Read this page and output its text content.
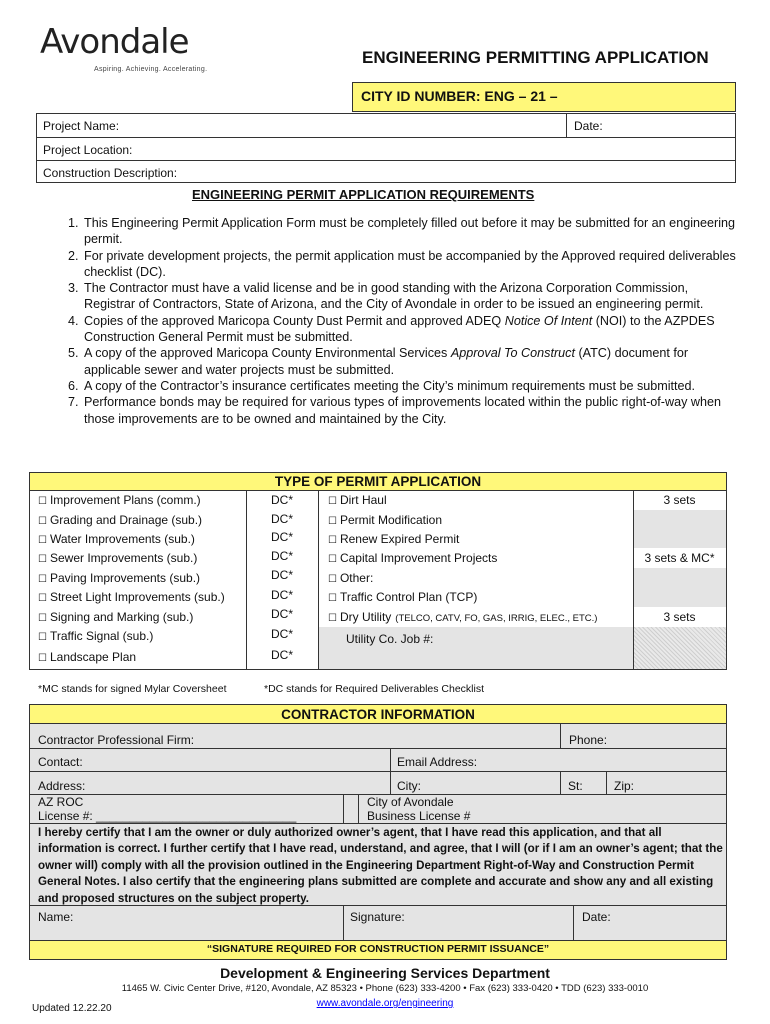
Avondale
Aspiring. Achieving. Accelerating.
ENGINEERING PERMITTING APPLICATION
CITY ID NUMBER: ENG – 21 –
Project Name:	Date:
Project Location:
Construction Description:
ENGINEERING PERMIT APPLICATION REQUIREMENTS
1. This Engineering Permit Application Form must be completely filled out before it may be submitted for an engineering permit.
2. For private development projects, the permit application must be accompanied by the Approved required deliverables checklist (DC).
3. The Contractor must have a valid license and be in good standing with the Arizona Corporation Commission, Registrar of Contractors, State of Arizona, and the City of Avondale in order to be issued an engineering permit.
4. Copies of the approved Maricopa County Dust Permit and approved ADEQ Notice Of Intent (NOI) to the AZPDES Construction General Permit must be submitted.
5. A copy of the approved Maricopa County Environmental Services Approval To Construct (ATC) document for applicable sewer and water projects must be submitted.
6. A copy of the Contractor’s insurance certificates meeting the City’s minimum requirements must be submitted.
7. Performance bonds may be required for various types of improvements located within the public right-of-way when those improvements are to be owned and maintained by the City.
TYPE OF PERMIT APPLICATION
☐ Improvement Plans (comm.)	DC*
☐ Grading and Drainage (sub.)	DC*
☐ Water Improvements (sub.)	DC*
☐ Sewer Improvements (sub.)	DC*
☐ Paving Improvements (sub.)	DC*
☐ Street Light Improvements (sub.)	DC*
☐ Signing and Marking (sub.)	DC*
☐ Traffic Signal (sub.)	DC*
☐ Landscape Plan	DC*
☐ Dirt Haul	3 sets
☐ Permit Modification
☐ Renew Expired Permit
☐ Capital Improvement Projects	3 sets & MC*
☐ Other:
☐ Traffic Control Plan (TCP)
☐ Dry Utility (TELCO, CATV, FO, GAS, IRRIG, ELEC., ETC.)	3 sets
Utility Co. Job #:
*MC stands for signed Mylar Coversheet	*DC stands for Required Deliverables Checklist
CONTRACTOR INFORMATION
Contractor Professional Firm:	Phone:
Contact:	Email Address:
Address:	City:	St:	Zip:
AZ ROC
License #: ______________________________
City of Avondale
Business License #
I hereby certify that I am the owner or duly authorized owner’s agent, that I have read this application, and that all information is correct. I further certify that I have read, understand, and agree, that I will (or if I am an owner’s agent; that the owner will) comply with all the provision outlined in the Engineering Department Right-of-Way and Construction Permit General Notes. I also certify that the engineering plans submitted are complete and accurate and show any and all existing and proposed structures on the subject property.
Name:	Signature:	Date:
“SIGNATURE REQUIRED FOR CONSTRUCTION PERMIT ISSUANCE”
Development & Engineering Services Department
11465 W. Civic Center Drive, #120, Avondale, AZ 85323 • Phone (623) 333-4200 • Fax (623) 333-0420 • TDD (623) 333-0010
www.avondale.org/engineering
Updated 12.22.20
